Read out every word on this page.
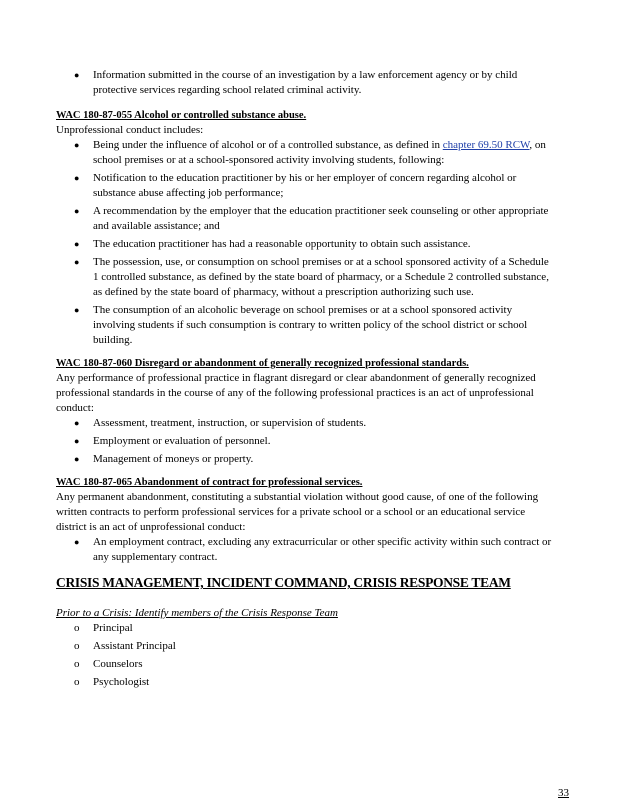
● Information submitted in the course of an investigation by a law enforcement agency or by child protective services regarding school related criminal activity.
WAC 180-87-055 Alcohol or controlled substance abuse.

Unprofessional conduct includes:

● Being under the influence of alcohol or of a controlled substance, as defined in chapter 69.50 RCW, on school premises or at a school-sponsored activity involving students, following:
● Notification to the education practitioner by his or her employer of concern regarding alcohol or substance abuse affecting job performance;
● A recommendation by the employer that the education practitioner seek counseling or other appropriate and available assistance; and
● The education practitioner has had a reasonable opportunity to obtain such assistance.
● The possession, use, or consumption on school premises or at a school sponsored activity of a Schedule 1 controlled substance, as defined by the state board of pharmacy, or a Schedule 2 controlled substance, as defined by the state board of pharmacy, without a prescription authorizing such use.
● The consumption of an alcoholic beverage on school premises or at a school sponsored activity involving students if such consumption is contrary to written policy of the school district or school building.
WAC 180-87-060 Disregard or abandonment of generally recognized professional standards.

Any performance of professional practice in flagrant disregard or clear abandonment of generally recognized professional standards in the course of any of the following professional practices is an act of unprofessional conduct:

● Assessment, treatment, instruction, or supervision of students.
● Employment or evaluation of personnel.
● Management of moneys or property.
WAC 180-87-065 Abandonment of contract for professional services.

Any permanent abandonment, constituting a substantial violation without good cause, of one of the following written contracts to perform professional services for a private school or a school or an educational service district is an act of unprofessional conduct:

● An employment contract, excluding any extracurricular or other specific activity within such contract or any supplementary contract.
CRISIS MANAGEMENT, INCIDENT COMMAND, CRISIS RESPONSE TEAM
Prior to a Crisis: Identify members of the Crisis Response Team
o Principal
o Assistant Principal
o Counselors
o Psychologist
33
